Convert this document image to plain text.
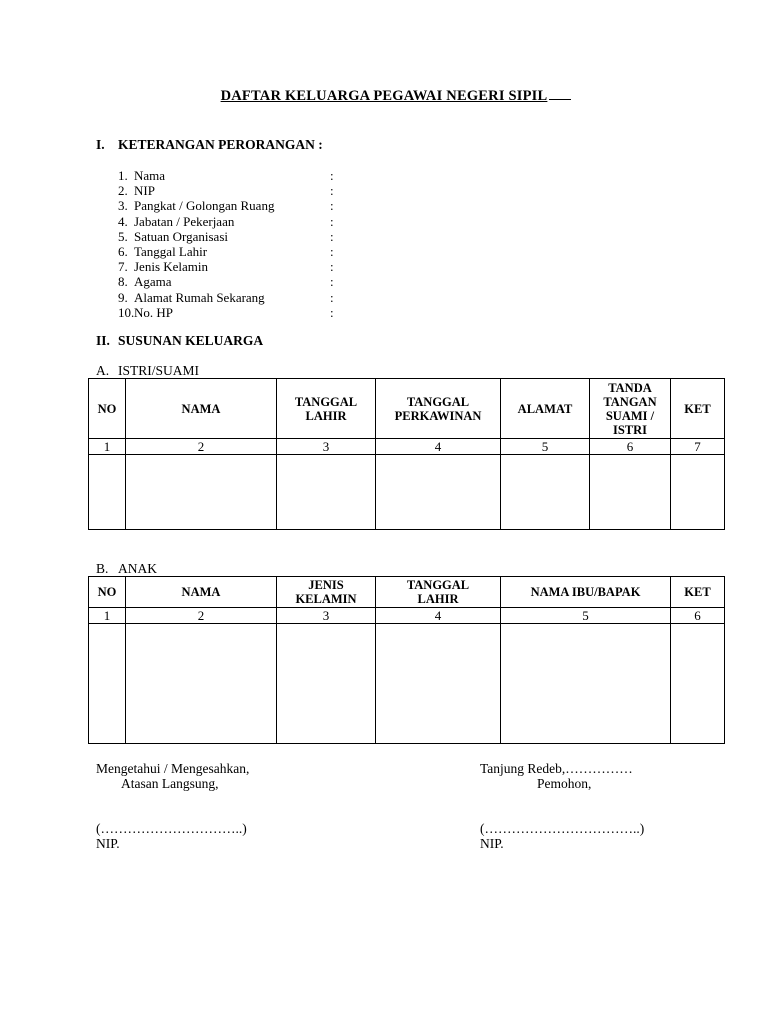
DAFTAR KELUARGA PEGAWAI NEGERI SIPIL
I. KETERANGAN PERORANGAN :
1. Nama	:
2. NIP	:
3. Pangkat / Golongan Ruang	:
4. Jabatan / Pekerjaan	:
5. Satuan Organisasi	:
6. Tanggal Lahir	:
7. Jenis Kelamin	:
8. Agama	:
9. Alamat Rumah Sekarang	:
10.No. HP	:
II. SUSUNAN KELUARGA
A. ISTRI/SUAMI
NO	NAMA	TANGGAL LAHIR	TANGGAL PERKAWINAN	ALAMAT	TANDA TANGAN SUAMI / ISTRI	KET
1	2	3	4	5	6	7

B. ANAK
NO	NAMA	JENIS KELAMIN	TANGGAL LAHIR	NAMA IBU/BAPAK	KET
1	2	3	4	5	6

Mengetahui / Mengesahkan,
Atasan Langsung,
(…………………………..)
NIP.
Tanjung Redeb,……………
Pemohon,
(……………………………..)
NIP.
